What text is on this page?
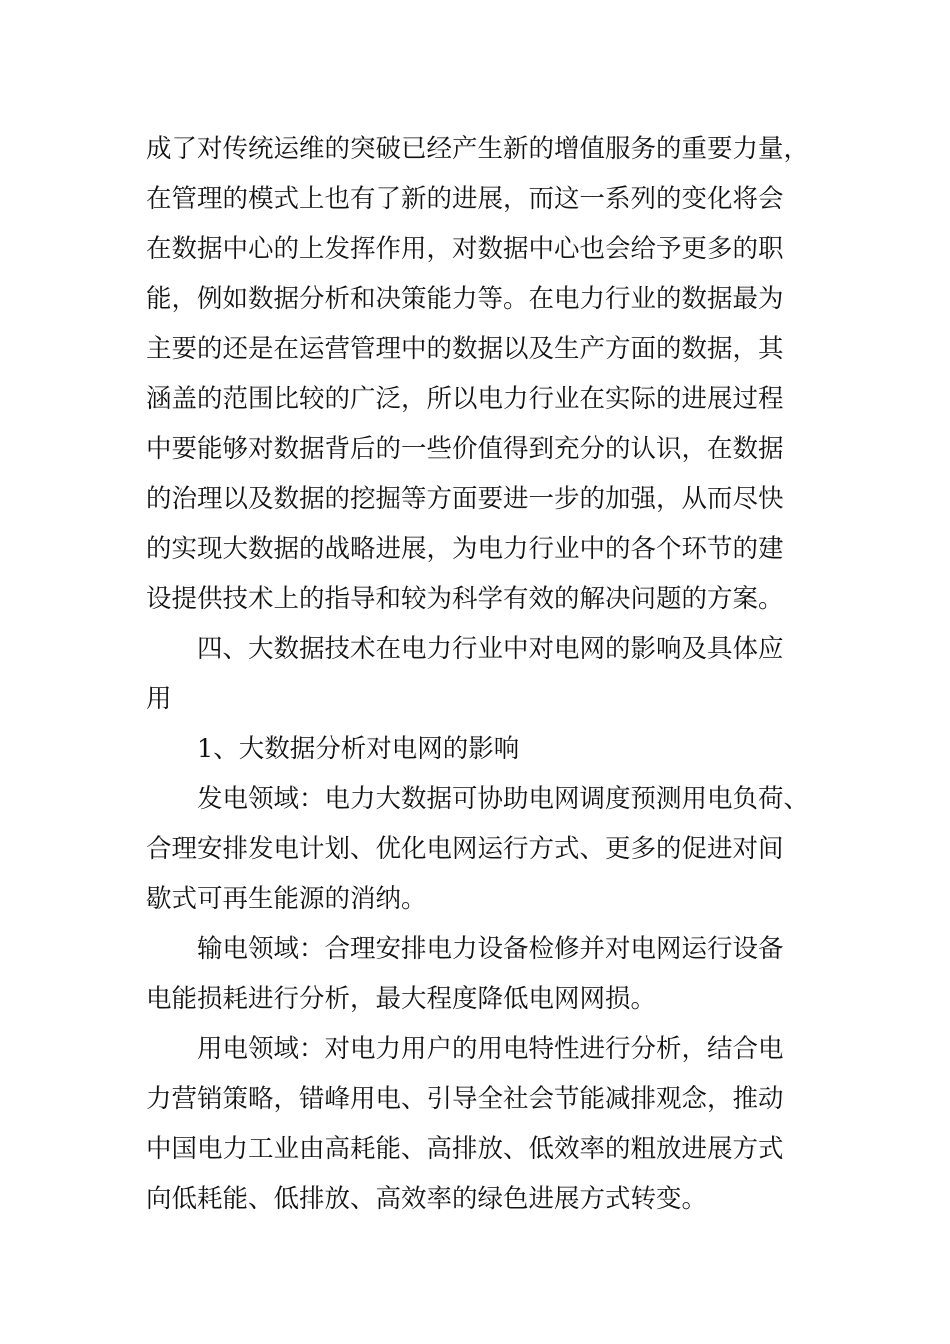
成了对传统运维的突破已经产生新的增值服务的重要力量，
在管理的模式上也有了新的进展，而这一系列的变化将会
在数据中心的上发挥作用，对数据中心也会给予更多的职
能，例如数据分析和决策能力等。在电力行业的数据最为
主要的还是在运营管理中的数据以及生产方面的数据，其
涵盖的范围比较的广泛，所以电力行业在实际的进展过程
中要能够对数据背后的一些价值得到充分的认识，在数据
的治理以及数据的挖掘等方面要进一步的加强，从而尽快
的实现大数据的战略进展，为电力行业中的各个环节的建
设提供技术上的指导和较为科学有效的解决问题的方案。

四、大数据技术在电力行业中对电网的影响及具体应
用

1、大数据分析对电网的影响

发电领域：电力大数据可协助电网调度预测用电负荷、
合理安排发电计划、优化电网运行方式、更多的促进对间
歇式可再生能源的消纳。

输电领域：合理安排电力设备检修并对电网运行设备
电能损耗进行分析，最大程度降低电网网损。

用电领域：对电力用户的用电特性进行分析，结合电
力营销策略，错峰用电、引导全社会节能减排观念，推动
中国电力工业由高耗能、高排放、低效率的粗放进展方式
向低耗能、低排放、高效率的绿色进展方式转变。
